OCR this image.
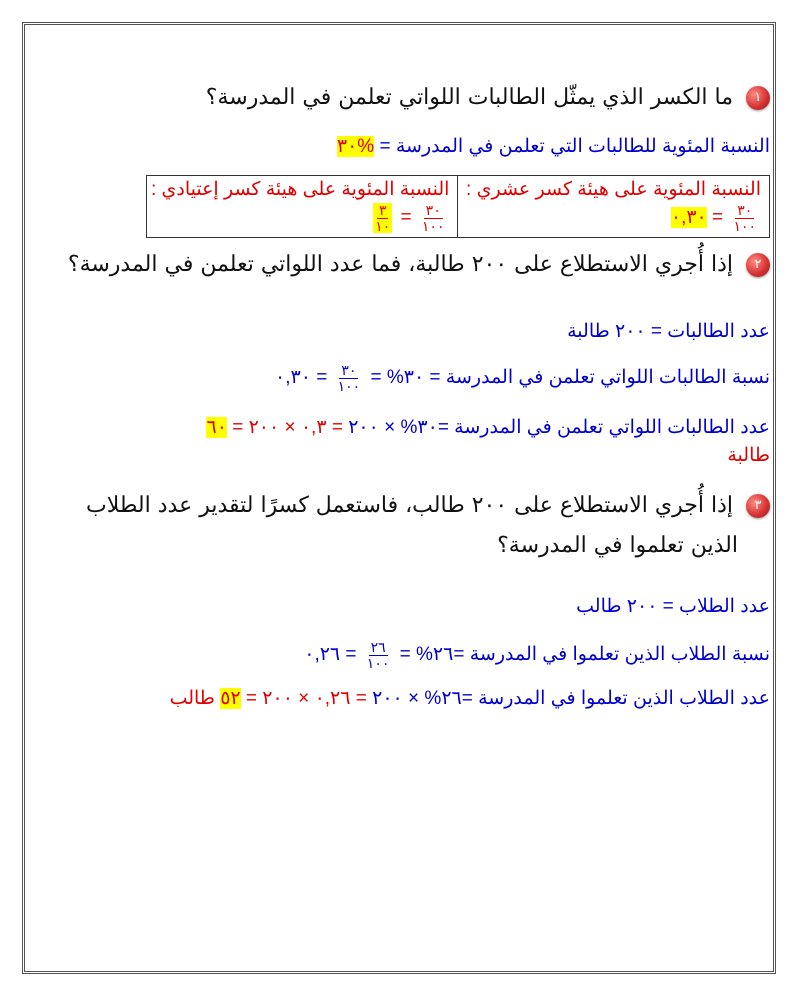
١ ما الكسر الذي يمثّل الطالبات اللواتي تعلمن في المدرسة؟
النسبة المئوية للطالبات التي تعلمن في المدرسة = %٣٠
النسبة المئوية على هيئة كسر عشري :
$\frac{٣٠}{١٠٠}$
= ٠,٣٠

النسبة المئوية على هيئة كسر إعتيادي :
$\frac{٣٠}{١٠٠}$
=
$\frac{٣}{١٠}$
٢ إذا أُجري الاستطلاع على ٢٠٠ طالبة، فما عدد اللواتي تعلمن في المدرسة؟
عدد الطالبات = ٢٠٠ طالبة
نسبة الطالبات اللواتي تعلمن في المدرسة = ٣٠% =
$\frac{٣٠}{١٠٠}$
= ٠,٣٠
عدد الطالبات اللواتي تعلمن في المدرسة =٣٠% × ٢٠٠ = ٠,٣ × ٢٠٠ = ٦٠
طالبة
٣ إذا أُجري الاستطلاع على ٢٠٠ طالب، فاستعمل كسرًا لتقدير عدد الطلاب
الذين تعلموا في المدرسة؟
عدد الطلاب = ٢٠٠ طالب
نسبة الطلاب الذين تعلموا في المدرسة =٢٦% =
$\frac{٢٦}{١٠٠}$
= ٠,٢٦
عدد الطلاب الذين تعلموا في المدرسة =٢٦% × ٢٠٠ = ٠,٢٦ × ٢٠٠ = ٥٢ طالب
